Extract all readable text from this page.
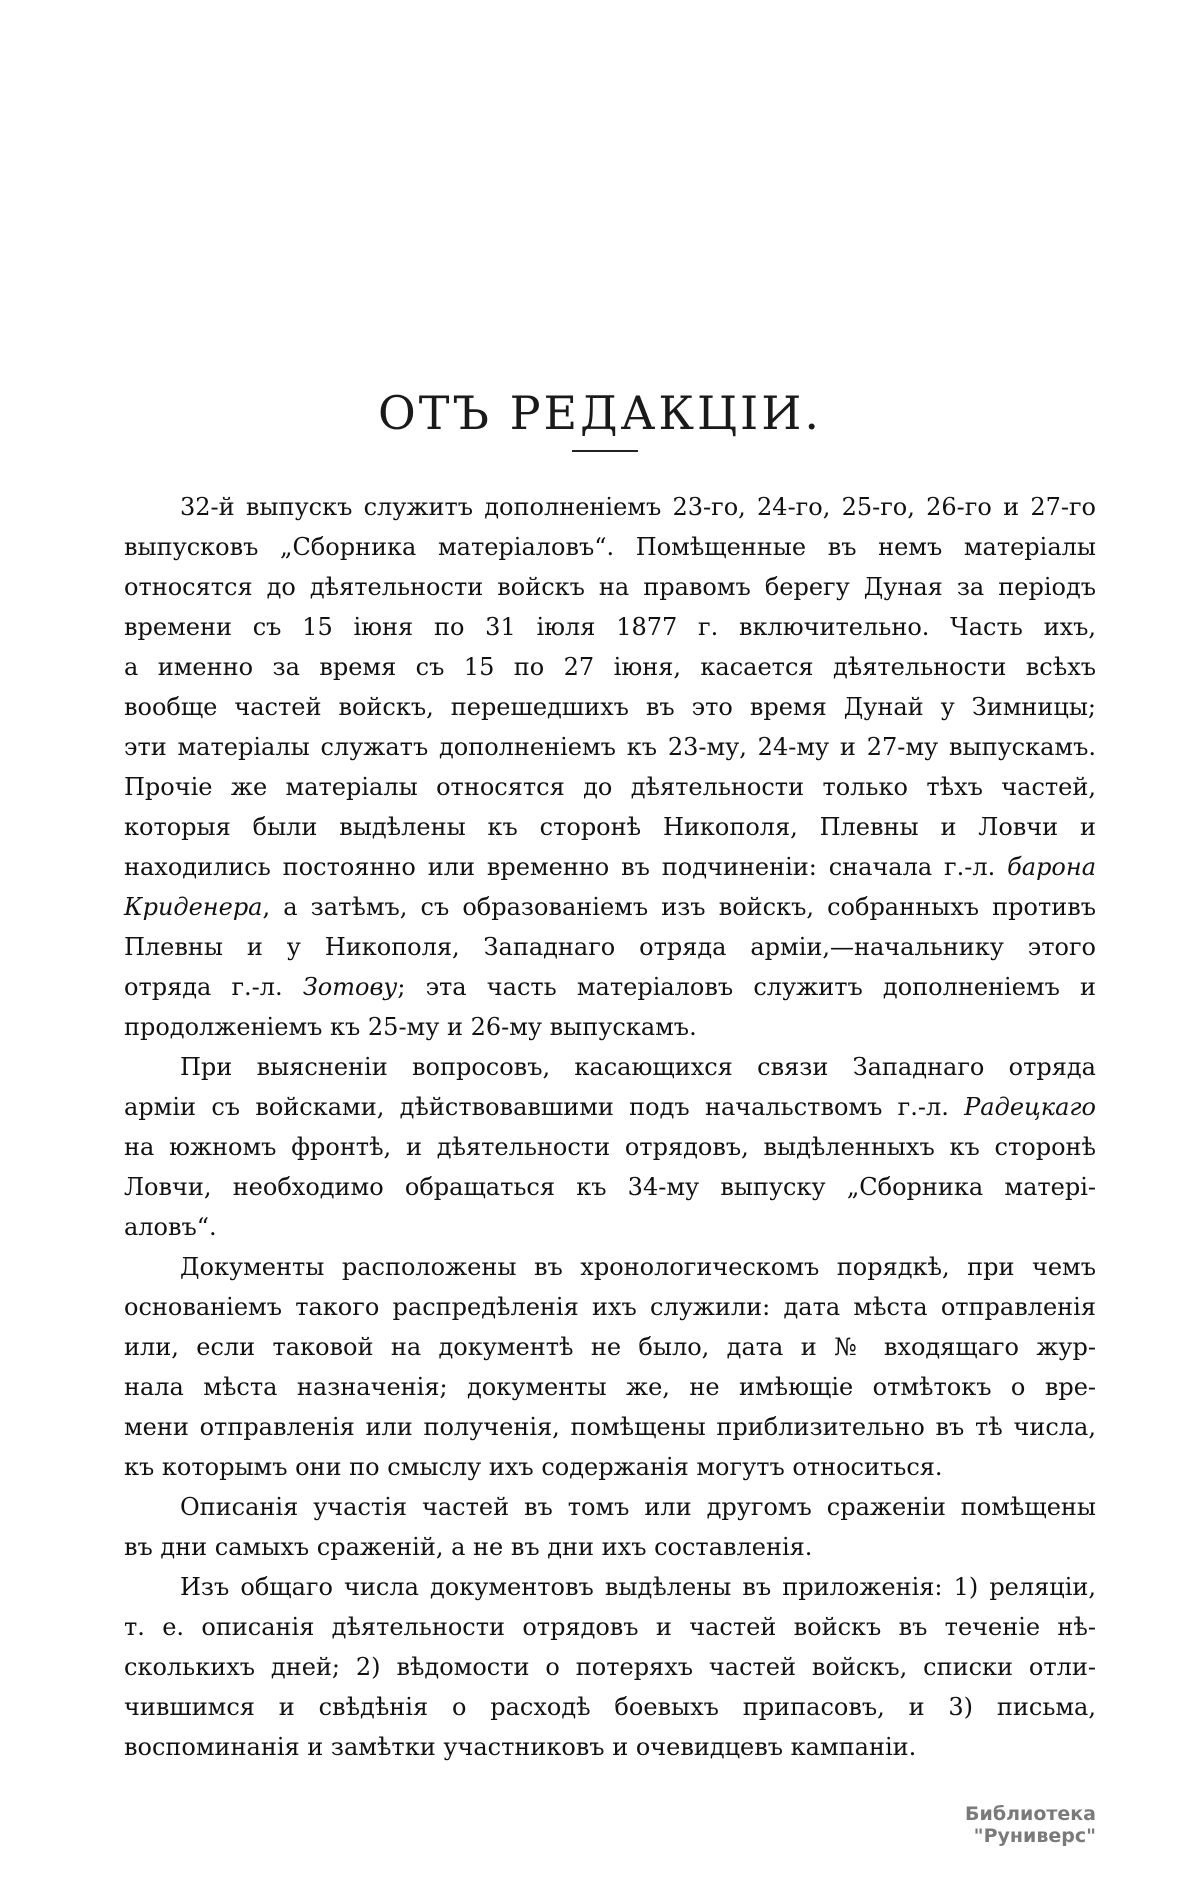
ОТЪ РЕДАКЦІИ.
32-й выпускъ служитъ дополненіемъ 23-го, 24-го, 25-го, 26-го и 27-го
выпусковъ „Сборника матеріаловъ“. Помѣщенные въ немъ матеріалы
относятся до дѣятельности войскъ на правомъ берегу Дуная за періодъ
времени съ 15 іюня по 31 іюля 1877 г. включительно. Часть ихъ,
а именно за время съ 15 по 27 іюня, касается дѣятельности всѣхъ
вообще частей войскъ, перешедшихъ въ это время Дунай у Зимницы;
эти матеріалы служатъ дополненіемъ къ 23-му, 24-му и 27-му выпускамъ.
Прочіе же матеріалы относятся до дѣятельности только тѣхъ частей,
которыя были выдѣлены къ сторонѣ Никополя, Плевны и Ловчи и
находились постоянно или временно въ подчиненіи: сначала г.-л. барона
Криденера, а затѣмъ, съ образованіемъ изъ войскъ, собранныхъ противъ
Плевны и у Никополя, Западнаго отряда арміи,—начальнику этого
отряда г.-л. Зотову; эта часть матеріаловъ служитъ дополненіемъ и
продолженіемъ къ 25-му и 26-му выпускамъ.
При выясненіи вопросовъ, касающихся связи Западнаго отряда
арміи съ войсками, дѣйствовавшими подъ начальствомъ г.-л. Радецкаго
на южномъ фронтѣ, и дѣятельности отрядовъ, выдѣленныхъ къ сторонѣ
Ловчи, необходимо обращаться къ 34-му выпуску „Сборника матері-
аловъ“.
Документы расположены въ хронологическомъ порядкѣ, при чемъ
основаніемъ такого распредѣленія ихъ служили: дата мѣста отправленія
или, если таковой на документѣ не было, дата и № входящаго жур-
нала мѣста назначенія; документы же, не имѣющіе отмѣтокъ о вре-
мени отправленія или полученія, помѣщены приблизительно въ тѣ числа,
къ которымъ они по смыслу ихъ содержанія могутъ относиться.
Описанія участія частей въ томъ или другомъ сраженіи помѣщены
въ дни самыхъ сраженій, а не въ дни ихъ составленія.
Изъ общаго числа документовъ выдѣлены въ приложенія: 1) реляціи,
т. е. описанія дѣятельности отрядовъ и частей войскъ въ теченіе нѣ-
сколькихъ дней; 2) вѣдомости о потеряхъ частей войскъ, списки отли-
чившимся и свѣдѣнія о расходѣ боевыхъ припасовъ, и 3) письма,
воспоминанія и замѣтки участниковъ и очевидцевъ кампаніи.
Библиотека "Руниверс"
